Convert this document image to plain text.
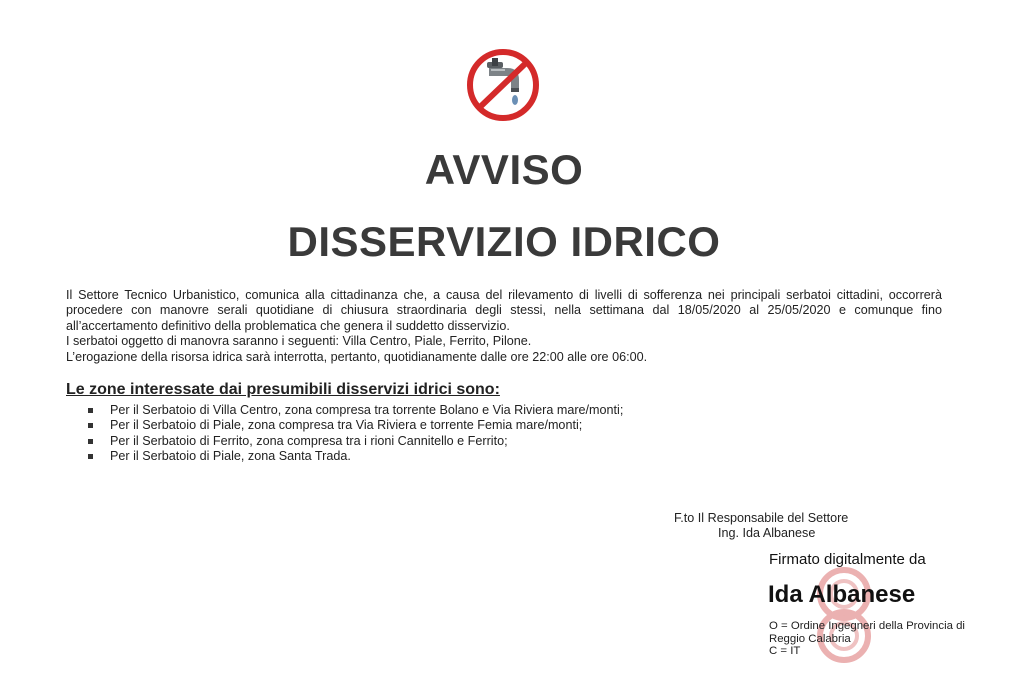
AVVISO
DISSERVIZIO IDRICO

Il Settore Tecnico Urbanistico, comunica alla cittadinanza che, a causa del rilevamento di livelli di sofferenza nei principali serbatoi cittadini, occorrerà procedere con manovre serali quotidiane di chiusura straordinaria degli stessi, nella settimana dal 18/05/2020 al 25/05/2020 e comunque fino all’accertamento definitivo della problematica che genera il suddetto disservizio.

I serbatoi oggetto di manovra saranno i seguenti: Villa Centro, Piale, Ferrito, Pilone.

L’erogazione della risorsa idrica sarà interrotta, pertanto, quotidianamente dalle ore 22:00 alle ore 06:00.

Le zone interessate dai presumibili disservizi idrici sono:
Per il Serbatoio di Villa Centro, zona compresa tra torrente Bolano e Via Riviera mare/monti;
Per il Serbatoio di Piale, zona compresa tra Via Riviera e torrente Femia mare/monti;
Per il Serbatoio di Ferrito, zona compresa tra i rioni Cannitello e Ferrito;
Per il Serbatoio di Piale, zona Santa Trada.
F.to Il Responsabile del Settore
Ing. Ida Albanese
Firmato digitalmente da
Ida Albanese
O = Ordine Ingegneri della Provincia di
Reggio Calabria
C = IT
